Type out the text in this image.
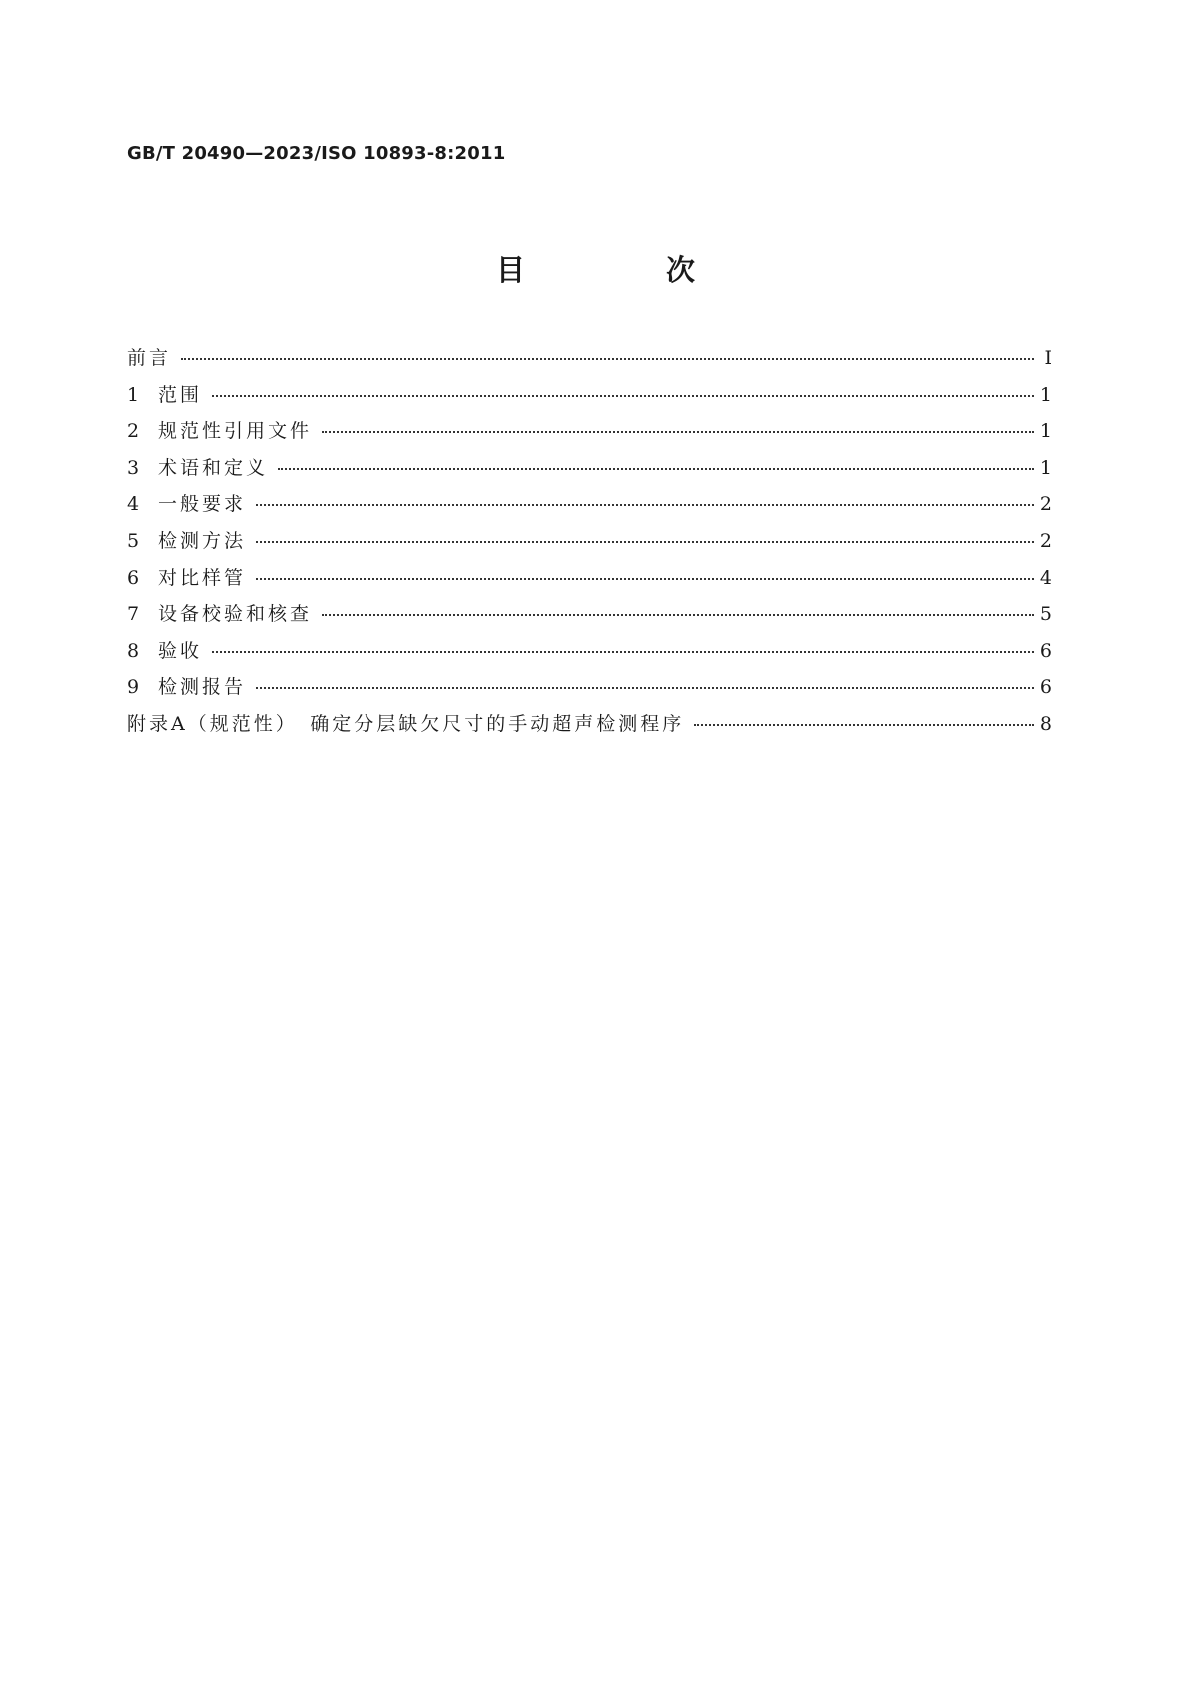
GB/T 20490—2023/ISO 10893-8:2011
目　次
前言	Ⅰ
1 范围	1
2 规范性引用文件	1
3 术语和定义	1
4 一般要求	2
5 检测方法	2
6 对比样管	4
7 设备校验和核查	5
8 验收	6
9 检测报告	6
附录A（规范性）　确定分层缺欠尺寸的手动超声检测程序	8
